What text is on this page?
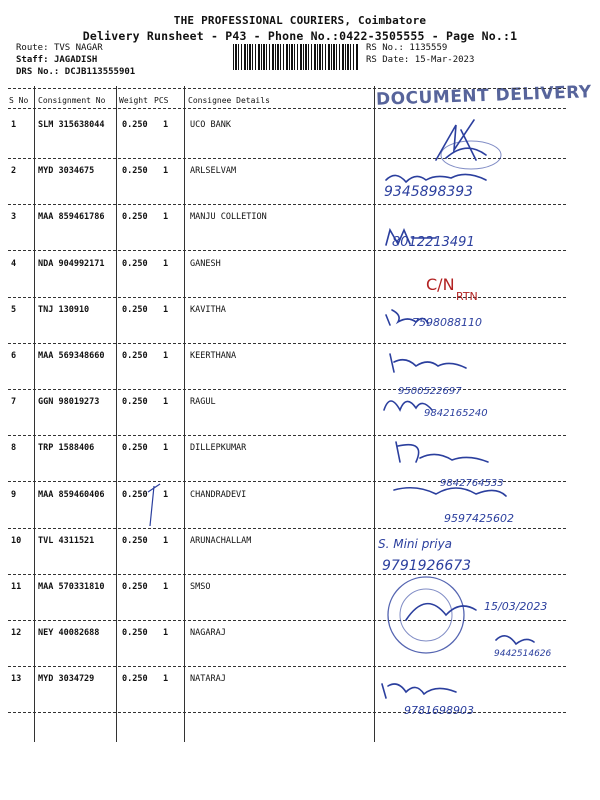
THE PROFESSIONAL COURIERS, Coimbatore
Delivery Runsheet - P43 - Phone No.:0422-3505555 - Page No.:1
Route: TVS NAGAR
Staff: JAGADISH
DRS No.: DCJB113555901
RS No.: 1135559
RS Date: 15-Mar-2023
DOCUMENT DELIVERY
S No Consignment No Weight PCS Consignee Details
1	SLM 315638044 0.250 1	UCO BANK
2	MYD 3034675	0.250 1	ARLSELVAM
3	MAA 859461786 0.250 1	MANJU COLLETION
4	NDA 904992171 0.250 1	GANESH
5	TNJ 130910	0.250 1	KAVITHA
6	MAA 569348660 0.250 1	KEERTHANA
7	GGN 98019273	0.250 1	RAGUL
8	TRP 1588406	0.250 1	DILLEPKUMAR
9	MAA 859460406 0.250 1	CHANDRADEVI
10 TVL 4311521	0.250 1	ARUNACHALLAM
11 MAA 570331810 0.250 1	SMSO
12 NEY 40082688	0.250 1	NAGARAJ
13 MYD 3034729	0.250 1	NATARAJ
C/N
RTN
9345898393
8012213491
7598088110
9500522697
9842165240
9842764533
9597425602
S. Mini priya
9791926673
15/03/2023
9442514626
9781698903
